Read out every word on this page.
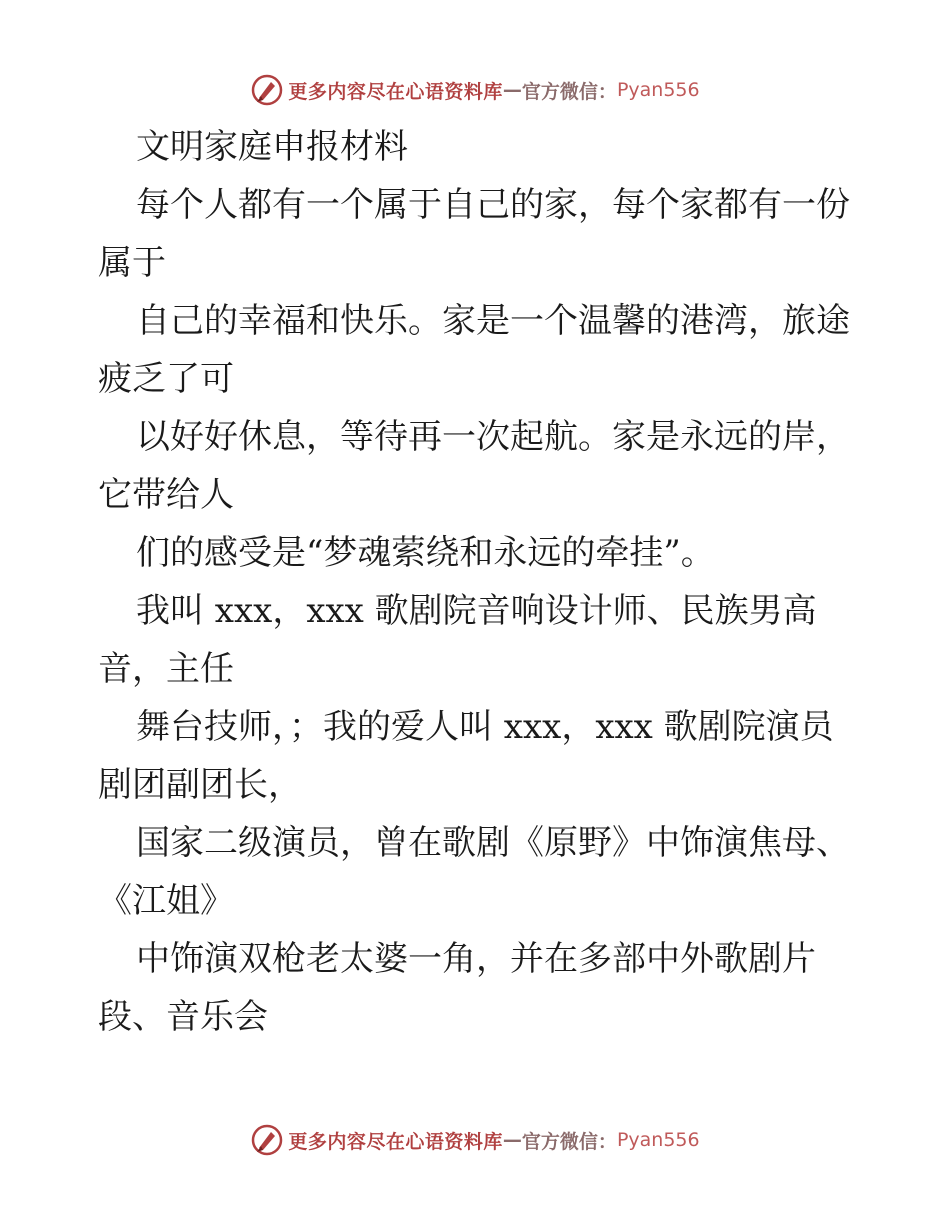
更多内容尽在心语资料库 — 官方微信： Pyan556
文明家庭申报材料
每个人都有一个属于自己的家，每个家都有一份
属于
自己的幸福和快乐。家是一个温馨的港湾，旅途
疲乏了可
以好好休息，等待再一次起航。家是永远的岸，
它带给人
们的感受是“梦魂萦绕和永远的牵挂”。
我叫 xxx，xxx 歌剧院音响设计师、民族男高
音，主任
舞台技师，；我的爱人叫 xxx，xxx 歌剧院演员
剧团副团长，
国家二级演员，曾在歌剧《原野》中饰演焦母、
《江姐》
中饰演双枪老太婆一角，并在多部中外歌剧片
段、音乐会
更多内容尽在心语资料库 — 官方微信： Pyan556
